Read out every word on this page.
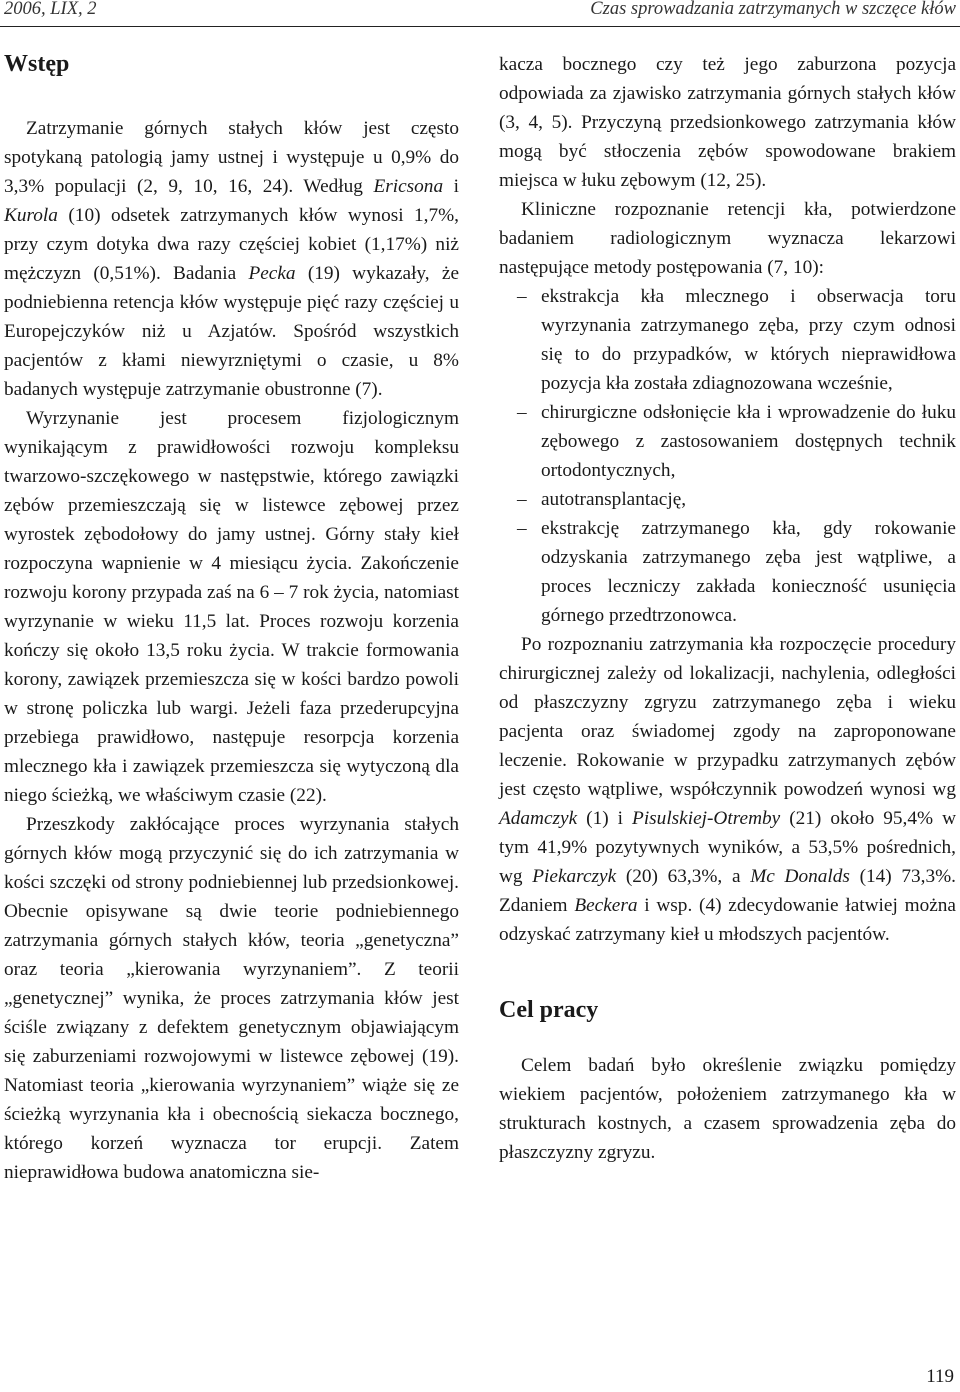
2006, LIX, 2	Czas sprowadzania zatrzymanych w szczęce kłów
Wstęp

Zatrzymanie górnych stałych kłów jest często spotykaną patologią jamy ustnej i występuje u 0,9% do 3,3% populacji (2, 9, 10, 16, 24). Według Ericsona i Kurola (10) odsetek zatrzymanych kłów wynosi 1,7%, przy czym dotyka dwa razy częściej kobiet (1,17%) niż mężczyzn (0,51%). Badania Pecka (19) wykazały, że podniebienna retencja kłów występuje pięć razy częściej u Europejczyków niż u Azjatów. Spośród wszystkich pacjentów z kłami niewyrzniętymi o czasie, u 8% badanych występuje zatrzymanie obustronne (7).

Wyrzynanie jest procesem fizjologicznym wynikającym z prawidłowości rozwoju kompleksu twarzowo-szczękowego w następstwie, którego zawiązki zębów przemieszczają się w listewce zębowej przez wyrostek zębodołowy do jamy ustnej. Górny stały kieł rozpoczyna wapnienie w 4 miesiącu życia. Zakończenie rozwoju korony przypada zaś na 6 – 7 rok życia, natomiast wyrzynanie w wieku 11,5 lat. Proces rozwoju korzenia kończy się około 13,5 roku życia. W trakcie formowania korony, zawiązek przemieszcza się w kości bardzo powoli w stronę policzka lub wargi. Jeżeli faza przederupcyjna przebiega prawidłowo, następuje resorpcja korzenia mlecznego kła i zawiązek przemieszcza się wytyczoną dla niego ścieżką, we właściwym czasie (22).

Przeszkody zakłócające proces wyrzynania stałych górnych kłów mogą przyczynić się do ich zatrzymania w kości szczęki od strony podniebiennej lub przedsionkowej. Obecnie opisywane są dwie teorie podniebiennego zatrzymania górnych stałych kłów, teoria „genetyczna” oraz teoria „kierowania wyrzynaniem”. Z teorii „genetycznej” wynika, że proces zatrzymania kłów jest ściśle związany z defektem genetycznym objawiającym się zaburzeniami rozwojowymi w listewce zębowej (19). Natomiast teoria „kierowania wyrzynaniem” wiąże się ze ścieżką wyrzynania kła i obecnością siekacza bocznego, którego korzeń wyznacza tor erupcji. Zatem nieprawidłowa budowa anatomiczna sie-

kacza bocznego czy też jego zaburzona pozycja odpowiada za zjawisko zatrzymania górnych stałych kłów (3, 4, 5). Przyczyną przedsionkowego zatrzymania kłów mogą być stłoczenia zębów spowodowane brakiem miejsca w łuku zębowym (12, 25).

Kliniczne rozpoznanie retencji kła, potwierdzone badaniem radiologicznym wyznacza lekarzowi następujące metody postępowania (7, 10):

– ekstrakcja kła mlecznego i obserwacja toru wyrzynania zatrzymanego zęba, przy czym odnosi się to do przypadków, w których nieprawidłowa pozycja kła została zdiagnozowana wcześnie,
– chirurgiczne odsłonięcie kła i wprowadzenie do łuku zębowego z zastosowaniem dostępnych technik ortodontycznych,
– autotransplantację,
– ekstrakcję zatrzymanego kła, gdy rokowanie odzyskania zatrzymanego zęba jest wątpliwe, a proces leczniczy zakłada konieczność usunięcia górnego przedtrzonowca.

Po rozpoznaniu zatrzymania kła rozpoczęcie procedury chirurgicznej zależy od lokalizacji, nachylenia, odległości od płaszczyzny zgryzu zatrzymanego zęba i wieku pacjenta oraz świadomej zgody na zaproponowane leczenie. Rokowanie w przypadku zatrzymanych zębów jest często wątpliwe, współczynnik powodzeń wynosi wg Adamczyk (1) i Pisulskiej-Otremby (21) około 95,4% w tym 41,9% pozytywnych wyników, a 53,5% pośrednich, wg Piekarczyk (20) 63,3%, a Mc Donalds (14) 73,3%. Zdaniem Beckera i wsp. (4) zdecydowanie łatwiej można odzyskać zatrzymany kieł u młodszych pacjentów.

Cel pracy

Celem badań było określenie związku pomiędzy wiekiem pacjentów, położeniem zatrzymanego kła w strukturach kostnych, a czasem sprowadzenia zęba do płaszczyzny zgryzu.

119
